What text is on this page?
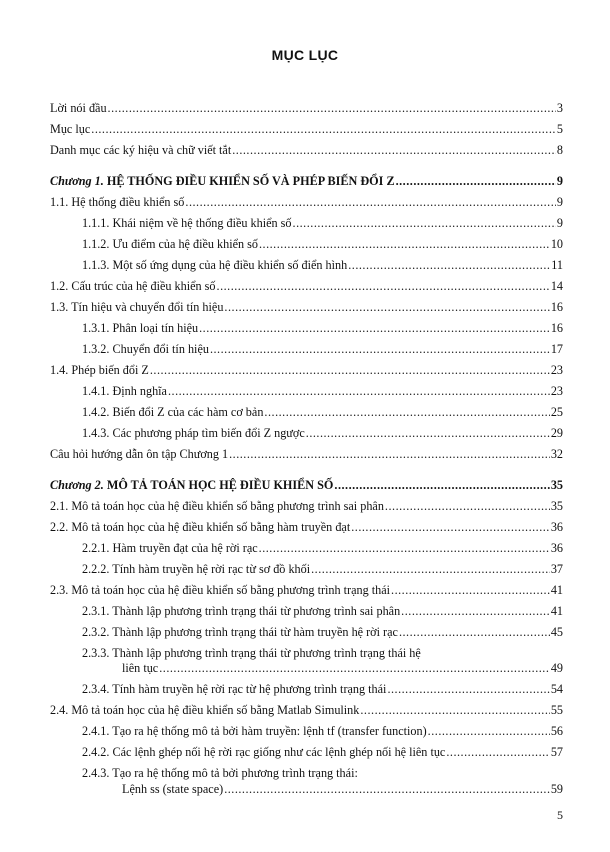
MỤC LỤC
Lời nói đầu .....	3
Mục lục .....	5
Danh mục các ký hiệu và chữ viết tắt .....	8
Chương 1. HỆ THỐNG ĐIỀU KHIỂN SỐ VÀ PHÉP BIẾN ĐỔI Z .....	9
1.1. Hệ thống điều khiển số .....	9
1.1.1. Khái niệm về hệ thống điều khiển số .....	9
1.1.2. Ưu điểm của hệ điều khiển số .....	10
1.1.3. Một số ứng dụng của hệ điều khiển số điển hình .....	11
1.2. Cấu trúc của hệ điều khiển số .....	14
1.3. Tín hiệu và chuyển đổi tín hiệu .....	16
1.3.1. Phân loại tín hiệu .....	16
1.3.2. Chuyển đổi tín hiệu .....	17
1.4. Phép biến đổi Z .....	23
1.4.1. Định nghĩa .....	23
1.4.2. Biến đổi Z của các hàm cơ bản .....	25
1.4.3. Các phương pháp tìm biến đổi Z ngược .....	29
Câu hỏi hướng dẫn ôn tập Chương 1 .....	32
Chương 2. MÔ TẢ TOÁN HỌC HỆ ĐIỀU KHIỂN SỐ .....	35
2.1. Mô tả toán học của hệ điều khiển số bằng phương trình sai phân .....	35
2.2. Mô tả toán học của hệ điều khiển số bằng hàm truyền đạt .....	36
2.2.1. Hàm truyền đạt của hệ rời rạc .....	36
2.2.2. Tính hàm truyền hệ rời rạc từ sơ đồ khối .....	37
2.3. Mô tả toán học của hệ điều khiển số bằng phương trình trạng thái .....	41
2.3.1. Thành lập phương trình trạng thái từ phương trình sai phân .....	41
2.3.2. Thành lập phương trình trạng thái từ hàm truyền hệ rời rạc .....	45
2.3.3. Thành lập phương trình trạng thái từ phương trình trạng thái hệ
liên tục .....	49
2.3.4. Tính hàm truyền hệ rời rạc từ hệ phương trình trạng thái .....	54
2.4. Mô tả toán học của hệ điều khiển số bằng Matlab Simulink .....	55
2.4.1. Tạo ra hệ thống mô tả bởi hàm truyền: lệnh tf (transfer function) .....	56
2.4.2. Các lệnh ghép nối hệ rời rạc giống như các lệnh ghép nối hệ liên tục .....	57
2.4.3. Tạo ra hệ thống mô tả bởi phương trình trạng thái:
Lệnh ss (state space) .....	59
5
